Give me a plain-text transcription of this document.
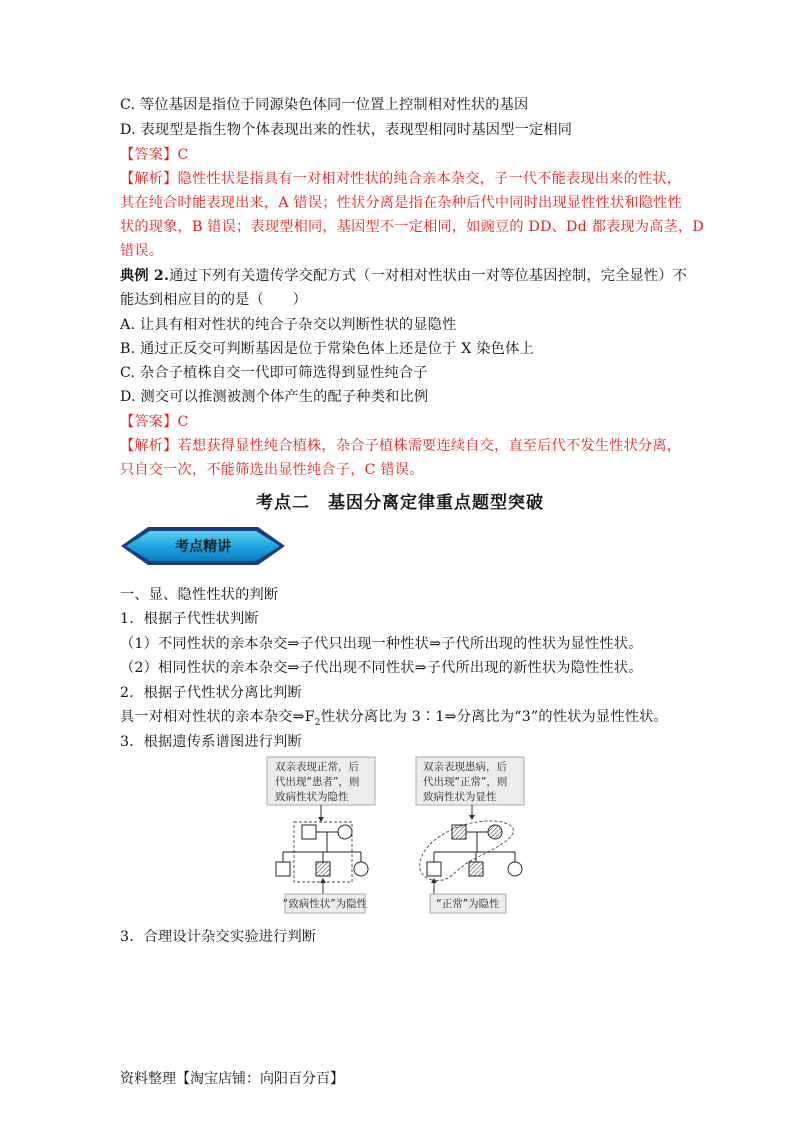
C. 等位基因是指位于同源染色体同一位置上控制相对性状的基因
D. 表现型是指生物个体表现出来的性状，表现型相同时基因型一定相同
【答案】C
【解析】隐性性状是指具有一对相对性状的纯合亲本杂交，子一代不能表现出来的性状，
其在纯合时能表现出来，A 错误；性状分离是指在杂种后代中同时出现显性性状和隐性性
状的现象，B 错误；表现型相同，基因型不一定相同，如豌豆的 DD、Dd 都表现为高茎，D
错误。
典例 2.通过下列有关遗传学交配方式（一对相对性状由一对等位基因控制，完全显性）不
能达到相应目的的是（　　）
A. 让具有相对性状的纯合子杂交以判断性状的显隐性
B. 通过正反交可判断基因是位于常染色体上还是位于 X 染色体上
C. 杂合子植株自交一代即可筛选得到显性纯合子
D. 测交可以推测被测个体产生的配子种类和比例
【答案】C
【解析】若想获得显性纯合植株，杂合子植株需要连续自交，直至后代不发生性状分离，
只自交一次，不能筛选出显性纯合子，C 错误。
考点二　基因分离定律重点题型突破
考点精讲
一、显、隐性性状的判断
1．根据子代性状判断
（1）不同性状的亲本杂交⇒子代只出现一种性状⇒子代所出现的性状为显性性状。
（2）相同性状的亲本杂交⇒子代出现不同性状⇒子代所出现的新性状为隐性性状。
2．根据子代性状分离比判断
具一对相对性状的亲本杂交$\Rightarrow F_2$性状分离比为 3∶1⇒分离比为“3”的性状为显性性状。
3．根据遗传系谱图进行判断
双亲表现正常，后
代出现“患者”，则
致病性状为隐性
“致病性状”为隐性
双亲表现患病，后
代出现“正常”，则
致病性状为显性
“正常”为隐性
3．合理设计杂交实验进行判断
资料整理【淘宝店铺：向阳百分百】
